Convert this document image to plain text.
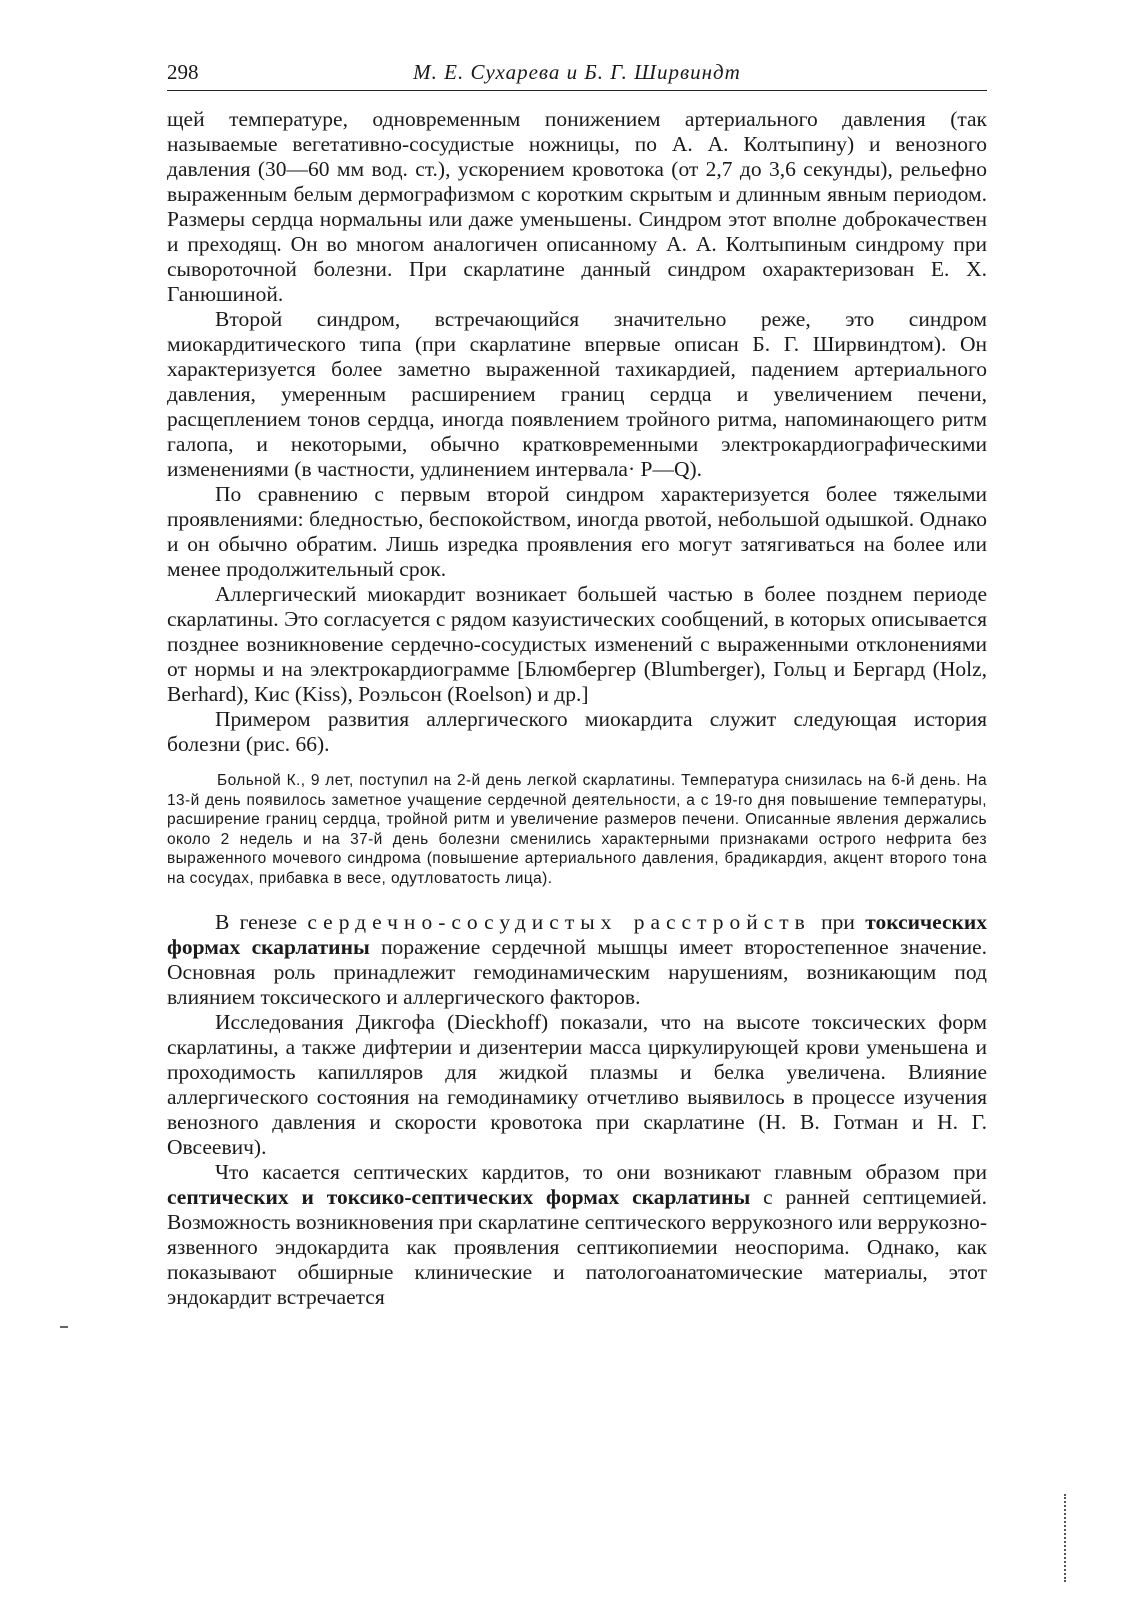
298	М. Е. Сухарева и Б. Г. Ширвиндт

щей температуре, одновременным понижением артериального давления (так называемые вегетативно-сосудистые ножницы, по А. А. Колтыпину) и венозного давления (30—60 мм вод. ст.), ускорением кровотока (от 2,7 до 3,6 секунды), рельефно выраженным белым дермографизмом с коротким скрытым и длинным явным периодом. Размеры сердца нормальны или даже уменьшены. Синдром этот вполне доброкачествен и преходящ. Он во многом аналогичен описанному А. А. Колтыпиным синдрому при сывороточной болезни. При скарлатине данный синдром охарактеризован Е. Х. Ганюшиной.

Второй синдром, встречающийся значительно реже, это синдром миокардитического типа (при скарлатине впервые описан Б. Г. Ширвиндтом). Он характеризуется более заметно выраженной тахикардией, падением артериального давления, умеренным расширением границ сердца и увеличением печени, расщеплением тонов сердца, иногда появлением тройного ритма, напоминающего ритм галопа, и некоторыми, обычно кратковременными электрокардиографическими изменениями (в частности, удлинением интервала· P—Q).

По сравнению с первым второй синдром характеризуется более тяжелыми проявлениями: бледностью, беспокойством, иногда рвотой, небольшой одышкой. Однако и он обычно обратим. Лишь изредка проявления его могут затягиваться на более или менее продолжительный срок.

Аллергический миокардит возникает большей частью в более позднем периоде скарлатины. Это согласуется с рядом казуистических сообщений, в которых описывается позднее возникновение сердечно-сосудистых изменений с выраженными отклонениями от нормы и на электрокардиограмме [Блюмбергер (Blumberger), Гольц и Бергард (Holz, Berhard), Кис (Kiss), Роэльсон (Roelson) и др.]

Примером развития аллергического миокардита служит следующая история болезни (рис. 66).

Больной К., 9 лет, поступил на 2-й день легкой скарлатины. Температура снизилась на 6-й день. На 13-й день появилось заметное учащение сердечной деятельности, а с 19-го дня повышение температуры, расширение границ сердца, тройной ритм и увеличение размеров печени. Описанные явления держались около 2 недель и на 37-й день болезни сменились характерными признаками острого нефрита без выраженного мочевого синдрома (повышение артериального давления, брадикардия, акцент второго тона на сосудах, прибавка в весе, одутловатость лица).

В генезе сердечно-сосудистых расстройств при токсических формах скарлатины поражение сердечной мышцы имеет второстепенное значение. Основная роль принадлежит гемодинамическим нарушениям, возникающим под влиянием токсического и аллергического факторов.

Исследования Дикгофа (Dieckhoff) показали, что на высоте токсических форм скарлатины, а также дифтерии и дизентерии масса циркулирующей крови уменьшена и проходимость капилляров для жидкой плазмы и белка увеличена. Влияние аллергического состояния на гемодинамику отчетливо выявилось в процессе изучения венозного давления и скорости кровотока при скарлатине (Н. В. Готман и Н. Г. Овсеевич).

Что касается септических кардитов, то они возникают главным образом при септических и токсико-септических формах скарлатины с ранней септицемией. Возможность возникновения при скарлатине септического веррукозного или веррукозно-язвенного эндокардита как проявления септикопиемии неоспорима. Однако, как показывают обширные клинические и патологоанатомические материалы, этот эндокардит встречается
